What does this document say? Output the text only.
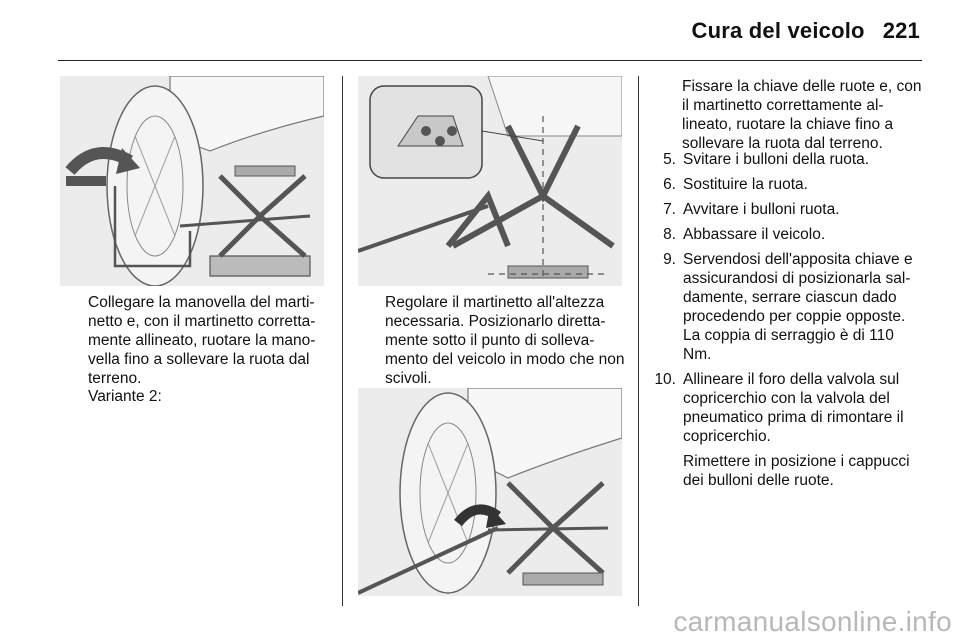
Cura del veicolo 221

Collegare la manovella del marti- netto e, con il martinetto corretta- mente allineato, ruotare la mano- vella fino a sollevare la ruota dal terreno.

Variante 2:

Regolare il martinetto all'altezza necessaria. Posizionarlo diretta- mente sotto il punto di solleva- mento del veicolo in modo che non scivoli.

Fissare la chiave delle ruote e, con il martinetto correttamente al- lineato, ruotare la chiave fino a sollevare la ruota dal terreno.

5. Svitare i bulloni della ruota.
6. Sostituire la ruota.
7. Avvitare i bulloni ruota.
8. Abbassare il veicolo.
9. Servendosi dell'apposita chiave e assicurandosi di posizionarla sal- damente, serrare ciascun dado procedendo per coppie opposte. La coppia di serraggio è di 110 Nm.
10. Allineare il foro della valvola sul copricerchio con la valvola del pneumatico prima di rimontare il copricerchio.
Rimettere in posizione i cappucci dei bulloni delle ruote.
carmanualsonline.info
